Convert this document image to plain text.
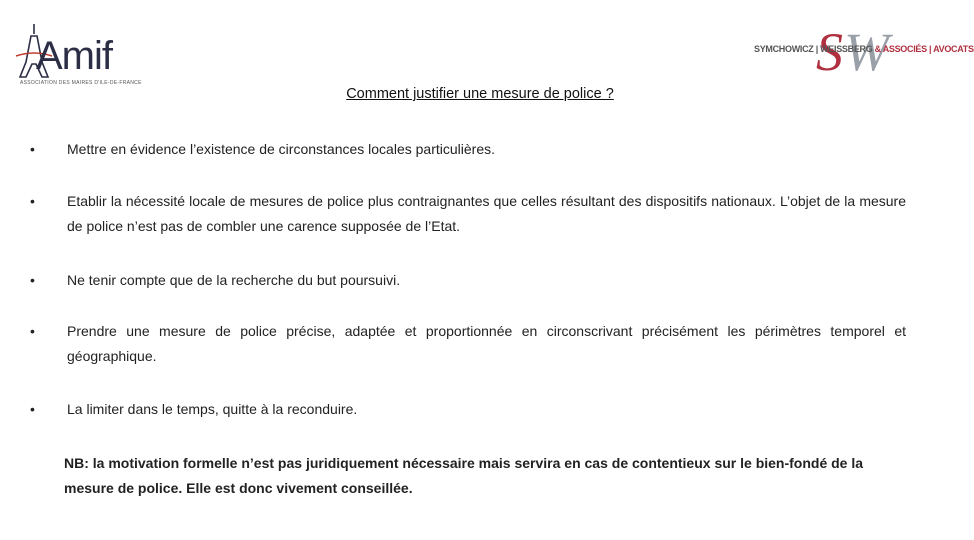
Amif
ASSOCIATION DES MAIRES D'ILE-DE-FRANCE
S W
SYMCHOWICZ | WEISSBERG & ASSOCIÉS | AVOCATS
Comment justifier une mesure de police ?
•	Mettre en évidence l’existence de circonstances locales particulières.
•	Etablir la nécessité locale de mesures de police plus contraignantes que celles résultant des dispositifs nationaux. L’objet de la mesure de police n’est pas de combler une carence supposée de l’Etat.
•	Ne tenir compte que de la recherche du but poursuivi.
•	Prendre une mesure de police précise, adaptée et proportionnée en circonscrivant précisément les périmètres temporel et géographique.
•	La limiter dans le temps, quitte à la reconduire.
NB: la motivation formelle n’est pas juridiquement nécessaire mais servira en cas de contentieux sur le bien-fondé de la mesure de police. Elle est donc vivement conseillée.
